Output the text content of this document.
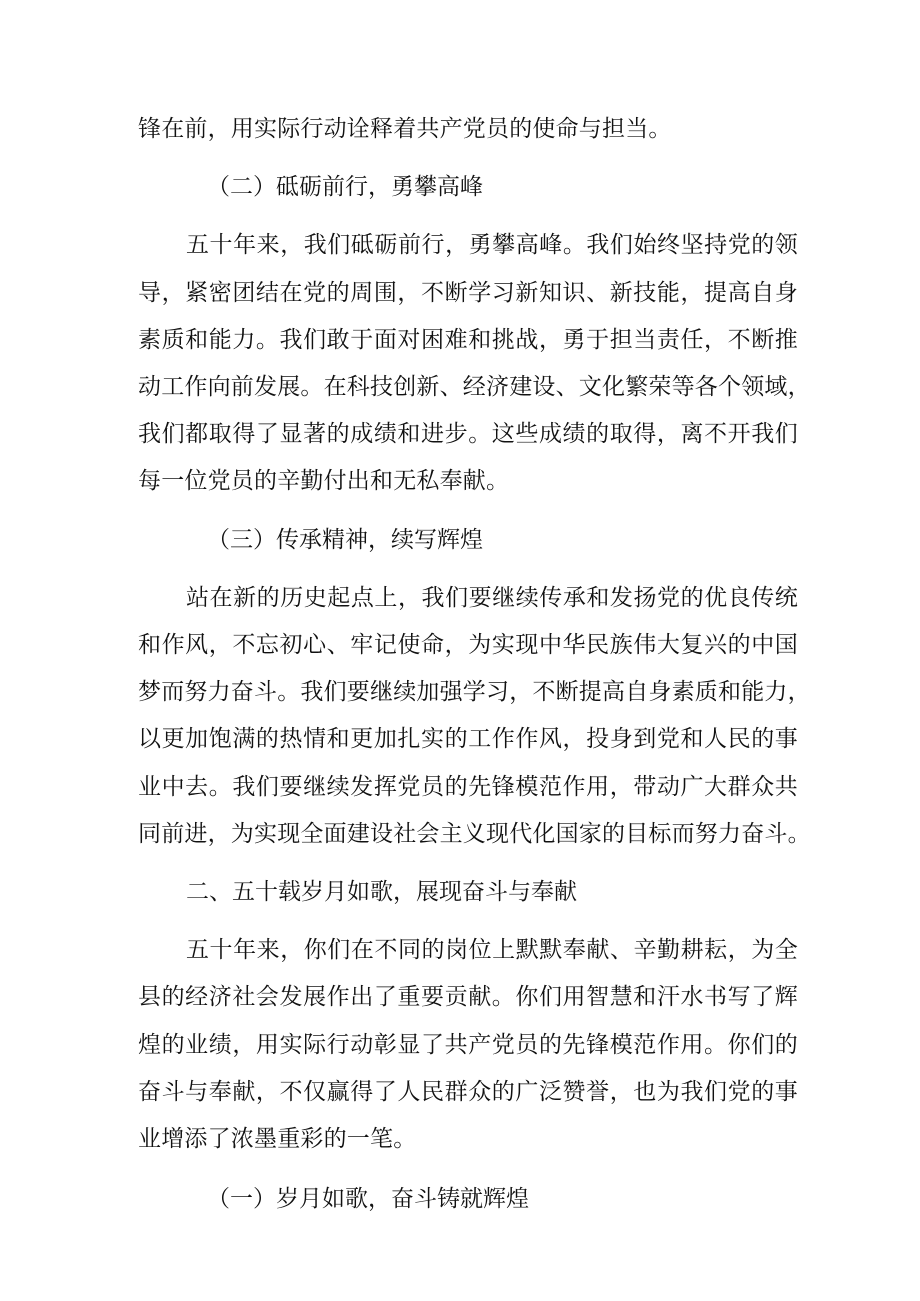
锋在前，用实际行动诠释着共产党员的使命与担当。
（二）砥砺前行，勇攀高峰
五十年来，我们砥砺前行，勇攀高峰。我们始终坚持党的领
导，紧密团结在党的周围，不断学习新知识、新技能，提高自身
素质和能力。我们敢于面对困难和挑战，勇于担当责任，不断推
动工作向前发展。在科技创新、经济建设、文化繁荣等各个领域，
我们都取得了显著的成绩和进步。这些成绩的取得，离不开我们
每一位党员的辛勤付出和无私奉献。
（三）传承精神，续写辉煌
站在新的历史起点上，我们要继续传承和发扬党的优良传统
和作风，不忘初心、牢记使命，为实现中华民族伟大复兴的中国
梦而努力奋斗。我们要继续加强学习，不断提高自身素质和能力，
以更加饱满的热情和更加扎实的工作作风，投身到党和人民的事
业中去。我们要继续发挥党员的先锋模范作用，带动广大群众共
同前进，为实现全面建设社会主义现代化国家的目标而努力奋斗。
二、五十载岁月如歌，展现奋斗与奉献
五十年来，你们在不同的岗位上默默奉献、辛勤耕耘，为全
县的经济社会发展作出了重要贡献。你们用智慧和汗水书写了辉
煌的业绩，用实际行动彰显了共产党员的先锋模范作用。你们的
奋斗与奉献，不仅赢得了人民群众的广泛赞誉，也为我们党的事
业增添了浓墨重彩的一笔。
（一）岁月如歌，奋斗铸就辉煌
